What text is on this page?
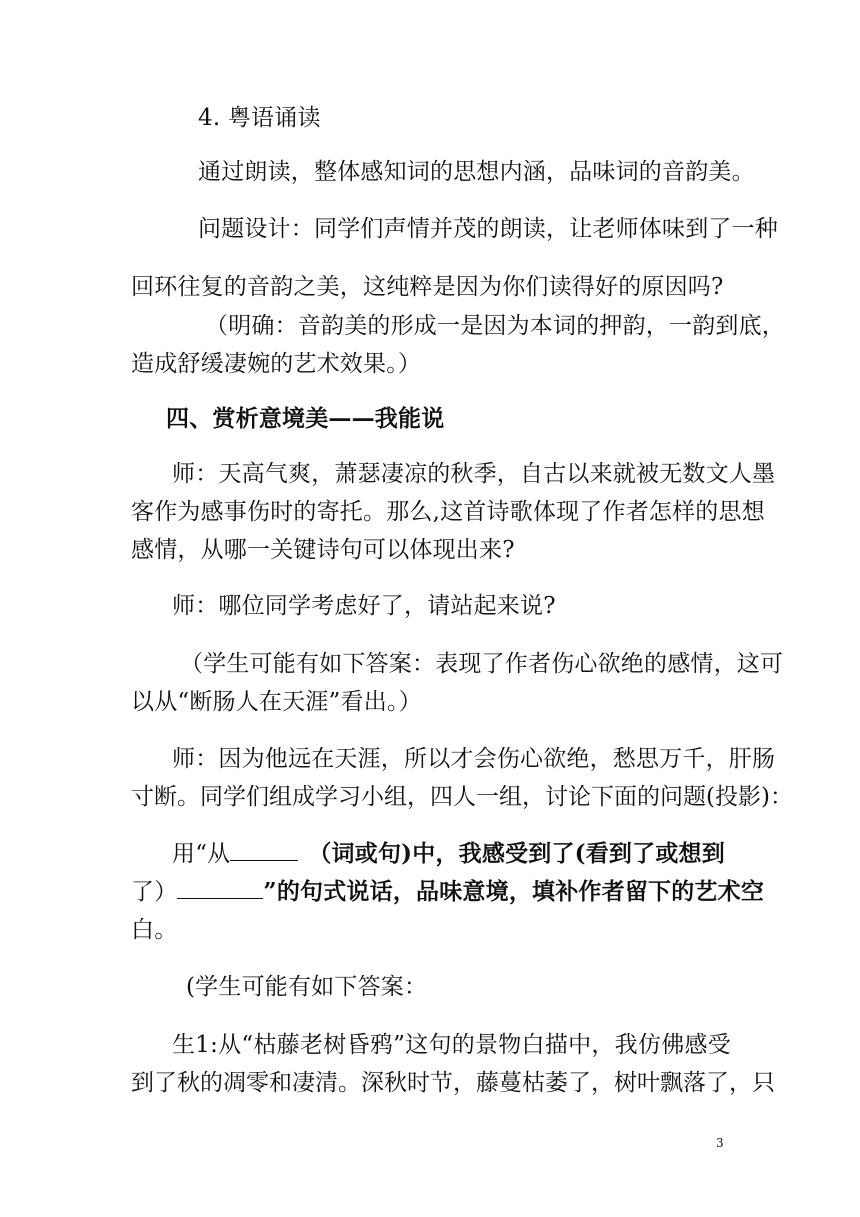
4. 粤语诵读
通过朗读，整体感知词的思想内涵，品味词的音韵美。
问题设计：同学们声情并茂的朗读，让老师体味到了一种
回环往复的音韵之美，这纯粹是因为你们读得好的原因吗?
（明确：音韵美的形成一是因为本词的押韵，一韵到底，
造成舒缓凄婉的艺术效果。）
四、赏析意境美——我能说
师：天高气爽，萧瑟凄凉的秋季，自古以来就被无数文人墨
客作为感事伤时的寄托。那么,这首诗歌体现了作者怎样的思想
感情，从哪一关键诗句可以体现出来?
师：哪位同学考虑好了，请站起来说?
（学生可能有如下答案：表现了作者伤心欲绝的感情，这可
以从“断肠人在天涯”看出。）
师：因为他远在天涯，所以才会伤心欲绝，愁思万千，肝肠
寸断。同学们组成学习小组，四人一组，讨论下面的问题(投影)：
用“从	（词或句)中，我感受到了(看到了或想到
了）	”的句式说话，品味意境，填补作者留下的艺术空
白。
(学生可能有如下答案：
生1:从“枯藤老树昏鸦”这句的景物白描中，我仿佛感受
到了秋的凋零和凄清。深秋时节，藤蔓枯萎了，树叶飘落了，只
3
